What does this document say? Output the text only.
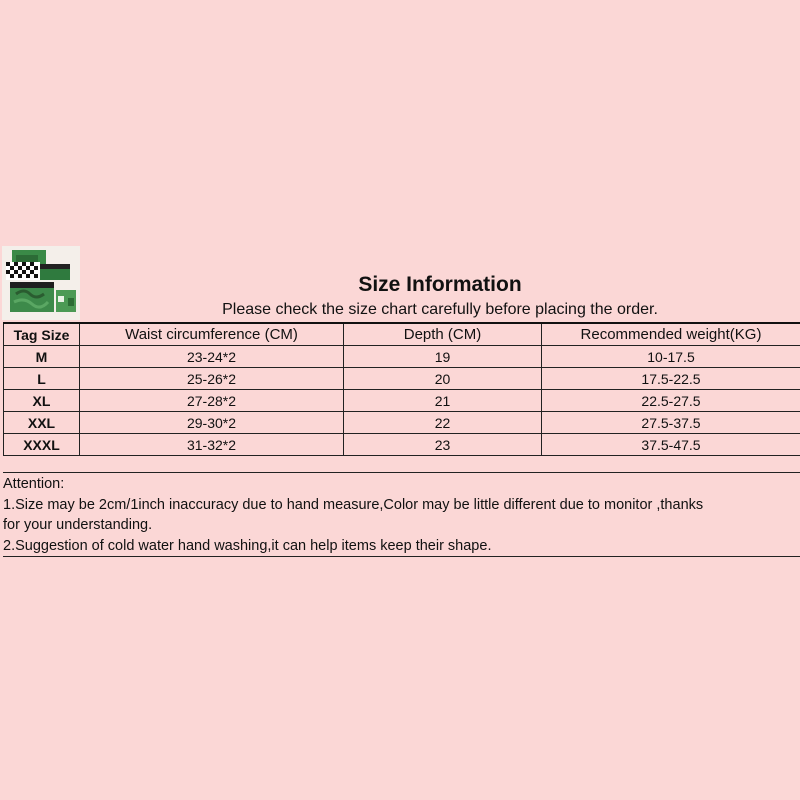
Size Information
Please check the size chart carefully before placing the order.
Tag Size	Waist circumference (CM)	Depth (CM)	Recommended weight(KG)
M	23-24*2	19	10-17.5
L	25-26*2	20	17.5-22.5
XL	27-28*2	21	22.5-27.5
XXL	29-30*2	22	27.5-37.5
XXXL	31-32*2	23	37.5-47.5
Attention:
1.Size may be 2cm/1inch inaccuracy due to hand measure,Color may be little different due to monitor ,thanks
for your understanding.
2.Suggestion of cold water hand washing,it can help items keep their shape.
